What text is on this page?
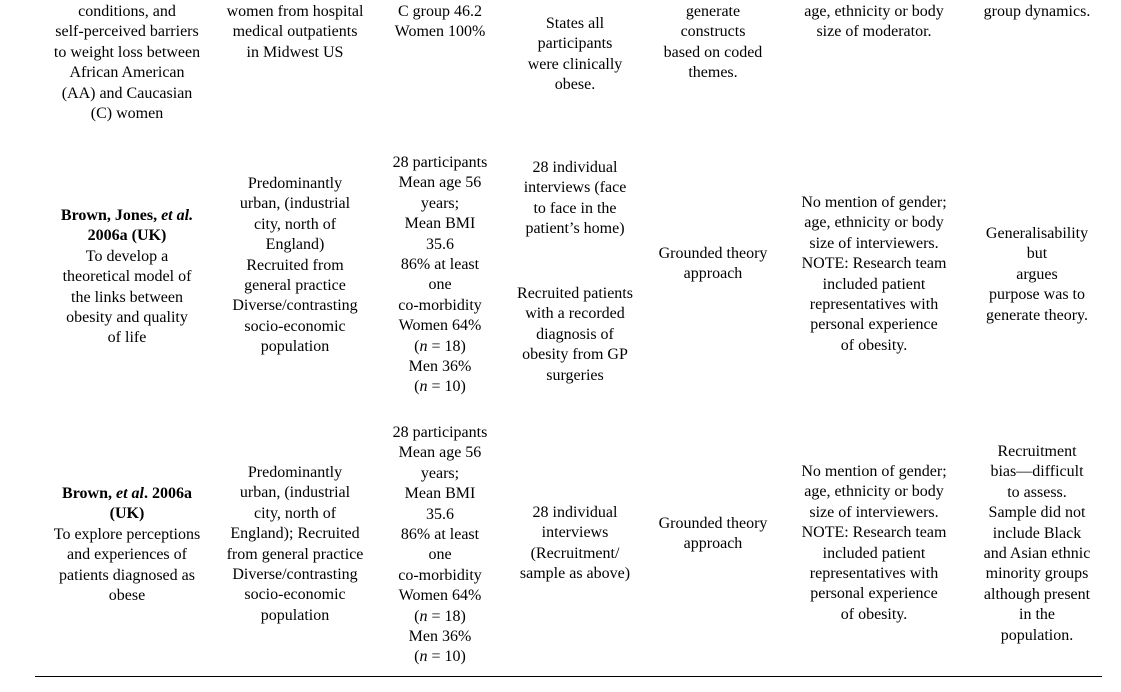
conditions, and
self-perceived barriers
to weight loss between
African American
(AA) and Caucasian
(C) women
women from hospital
medical outpatients
in Midwest US
C group 46.2
Women 100%	States all
participants
were clinically
obese.
generate
constructs
based on coded
themes.
age, ethnicity or body
size of moderator.
group dynamics.
Brown, Jones, et al.
2006a (UK)
To develop a
theoretical model of
the links between
obesity and quality
of life
Predominantly
urban, (industrial
city, north of
England)
Recruited from
general practice
Diverse/contrasting
socio-economic
population
28 participants
Mean age 56
years;
Mean BMI
35.6
86% at least
one
co-morbidity
Women 64%
(n = 18)
Men 36%
(n = 10)
28 individual
interviews (face
to face in the
patient’s home)
Recruited patients
with a recorded
diagnosis of
obesity from GP
surgeries
Grounded theory
approach
No mention of gender;
age, ethnicity or body
size of interviewers.
NOTE: Research team
included patient
representatives with
personal experience
of obesity.
Generalisability
but
argues
purpose was to
generate theory.
Brown, et al. 2006a
(UK)
To explore perceptions
and experiences of
patients diagnosed as
obese
Predominantly
urban, (industrial
city, north of
England); Recruited
from general practice
Diverse/contrasting
socio-economic
population
28 participants
Mean age 56
years;
Mean BMI
35.6
86% at least
one
co-morbidity
Women 64%
(n = 18)
Men 36%
(n = 10)
28 individual
interviews
(Recruitment/
sample as above)
Grounded theory
approach
No mention of gender;
age, ethnicity or body
size of interviewers.
NOTE: Research team
included patient
representatives with
personal experience
of obesity.
Recruitment
bias—difficult
to assess.
Sample did not
include Black
and Asian ethnic
minority groups
although present
in the
population.
